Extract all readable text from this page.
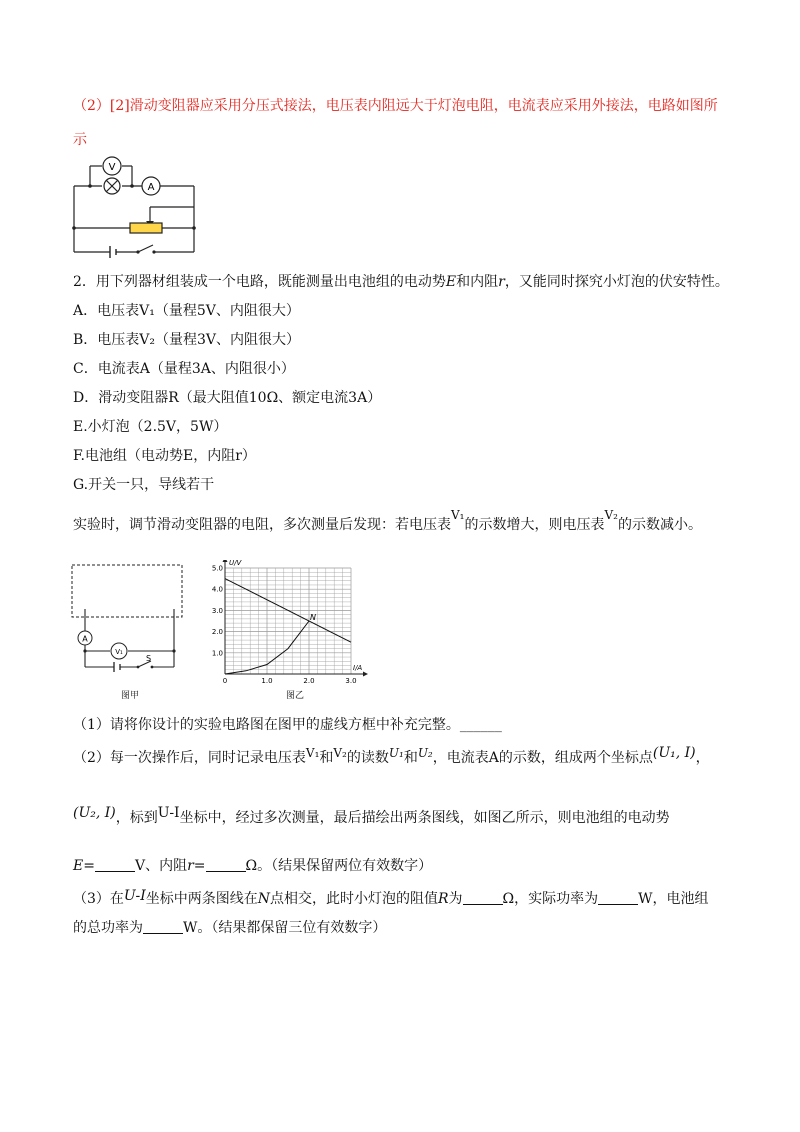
（2）[2]滑动变阻器应采用分压式接法，电压表内阻远大于灯泡电阻，电流表应采用外接法，电路如图所
示
V
A
2．用下列器材组装成一个电路，既能测量出电池组的电动势E和内阻r，又能同时探究小灯泡的伏安特性。
A．电压表V₁（量程5V、内阻很大）
B．电压表V₂（量程3V、内阻很大）
C．电流表A（量程3A、内阻很小）
D．滑动变阻器R（最大阻值10Ω、额定电流3A）
E.小灯泡（2.5V，5W）
F.电池组（电动势E，内阻r）
G.开关一只，导线若干
实验时，调节滑动变阻器的电阻，多次测量后发现：若电压表V₁的示数增大，则电压表V₂的示数减小。
A
V₁
S
图甲
0	1.0	2.0	3.0
1.0
2.0
3.0
4.0
5.0
U/V
I/A
N
图乙
（1）请将你设计的实验电路图在图甲的虚线方框中补充完整。______
（2）每一次操作后，同时记录电压表V₁和V₂的读数U₁和U₂，电流表A的示数，组成两个坐标点(U₁, I)，
(U₂, I)，标到U-I坐标中，经过多次测量，最后描绘出两条图线，如图乙所示，则电池组的电动势
E=	V、内阻r=	Ω。（结果保留两位有效数字）
（3）在U-I坐标中两条图线在N点相交，此时小灯泡的阻值R为	Ω，实际功率为	W，电池组
的总功率为	W。（结果都保留三位有效数字）
